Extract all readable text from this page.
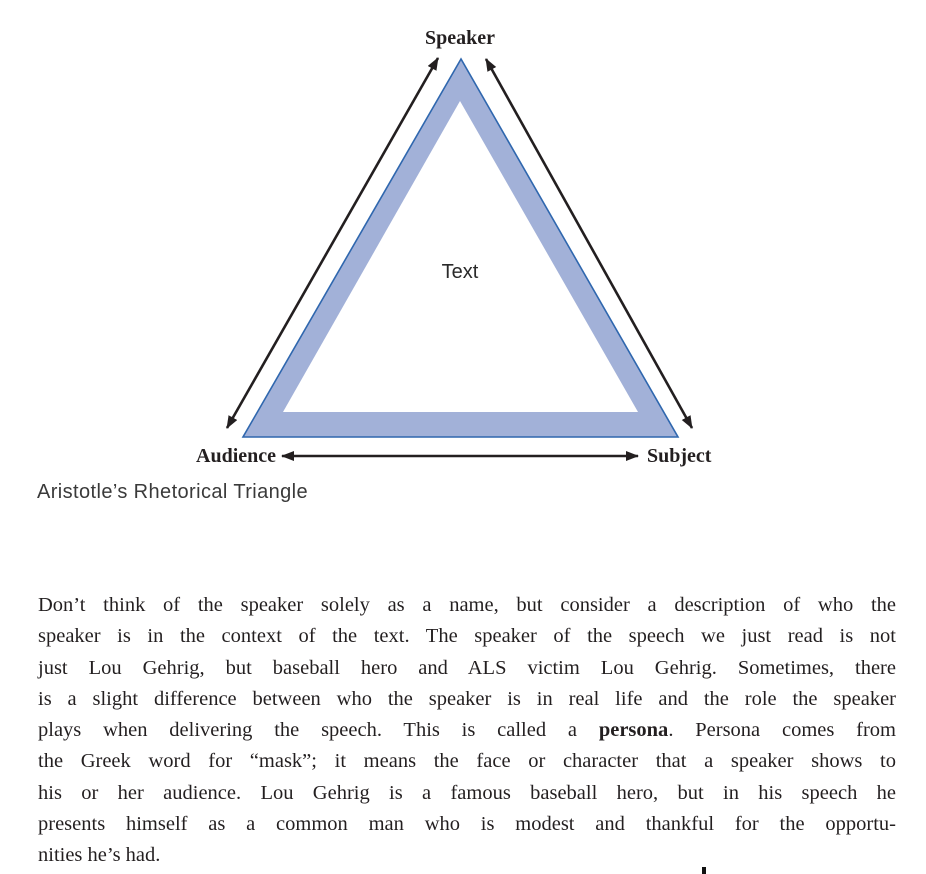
Speaker
Audience	Subject
Text
Aristotle’s Rhetorical Triangle
Don’t think of the speaker solely as a name, but consider a description of who the
speaker is in the context of the text. The speaker of the speech we just read is not
just Lou Gehrig, but baseball hero and ALS victim Lou Gehrig. Sometimes, there
is a slight difference between who the speaker is in real life and the role the speaker
plays when delivering the speech. This is called a persona. Persona comes from
the Greek word for “mask”; it means the face or character that a speaker shows to
his or her audience. Lou Gehrig is a famous baseball hero, but in his speech he
presents himself as a common man who is modest and thankful for the opportu-
nities he’s had.
